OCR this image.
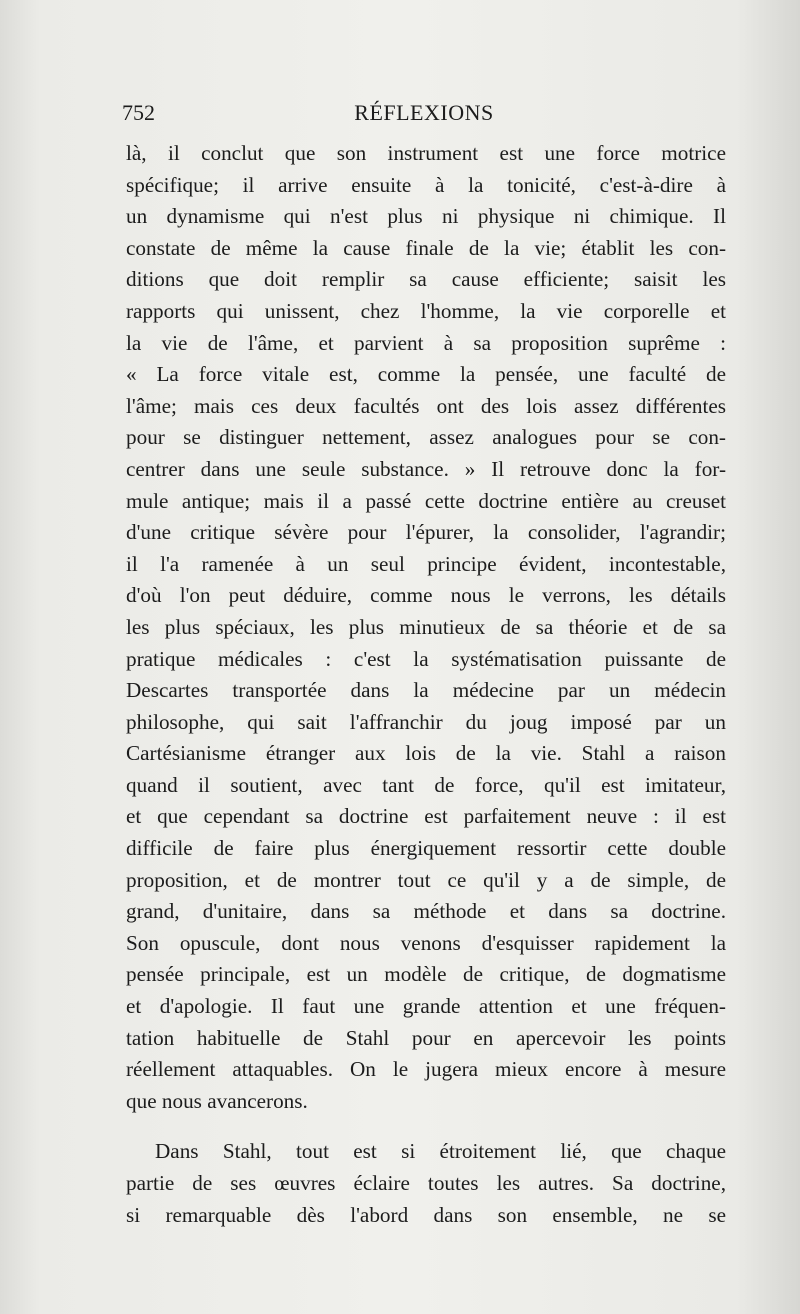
752	RÉFLEXIONS
là, il conclut que son instrument est une force motrice
spécifique; il arrive ensuite à la tonicité, c'est-à-dire à
un dynamisme qui n'est plus ni physique ni chimique. Il
constate de même la cause finale de la vie; établit les con-
ditions que doit remplir sa cause efficiente; saisit les
rapports qui unissent, chez l'homme, la vie corporelle et
la vie de l'âme, et parvient à sa proposition suprême :
« La force vitale est, comme la pensée, une faculté de
l'âme; mais ces deux facultés ont des lois assez différentes
pour se distinguer nettement, assez analogues pour se con-
centrer dans une seule substance. » Il retrouve donc la for-
mule antique; mais il a passé cette doctrine entière au creuset
d'une critique sévère pour l'épurer, la consolider, l'agrandir;
il l'a ramenée à un seul principe évident, incontestable,
d'où l'on peut déduire, comme nous le verrons, les détails
les plus spéciaux, les plus minutieux de sa théorie et de sa
pratique médicales : c'est la systématisation puissante de
Descartes transportée dans la médecine par un médecin
philosophe, qui sait l'affranchir du joug imposé par un
Cartésianisme étranger aux lois de la vie. Stahl a raison
quand il soutient, avec tant de force, qu'il est imitateur,
et que cependant sa doctrine est parfaitement neuve : il est
difficile de faire plus énergiquement ressortir cette double
proposition, et de montrer tout ce qu'il y a de simple, de
grand, d'unitaire, dans sa méthode et dans sa doctrine.
Son opuscule, dont nous venons d'esquisser rapidement la
pensée principale, est un modèle de critique, de dogmatisme
et d'apologie. Il faut une grande attention et une fréquen-
tation habituelle de Stahl pour en apercevoir les points
réellement attaquables. On le jugera mieux encore à mesure
que nous avancerons.
Dans Stahl, tout est si étroitement lié, que chaque
partie de ses œuvres éclaire toutes les autres. Sa doctrine,
si remarquable dès l'abord dans son ensemble, ne se
